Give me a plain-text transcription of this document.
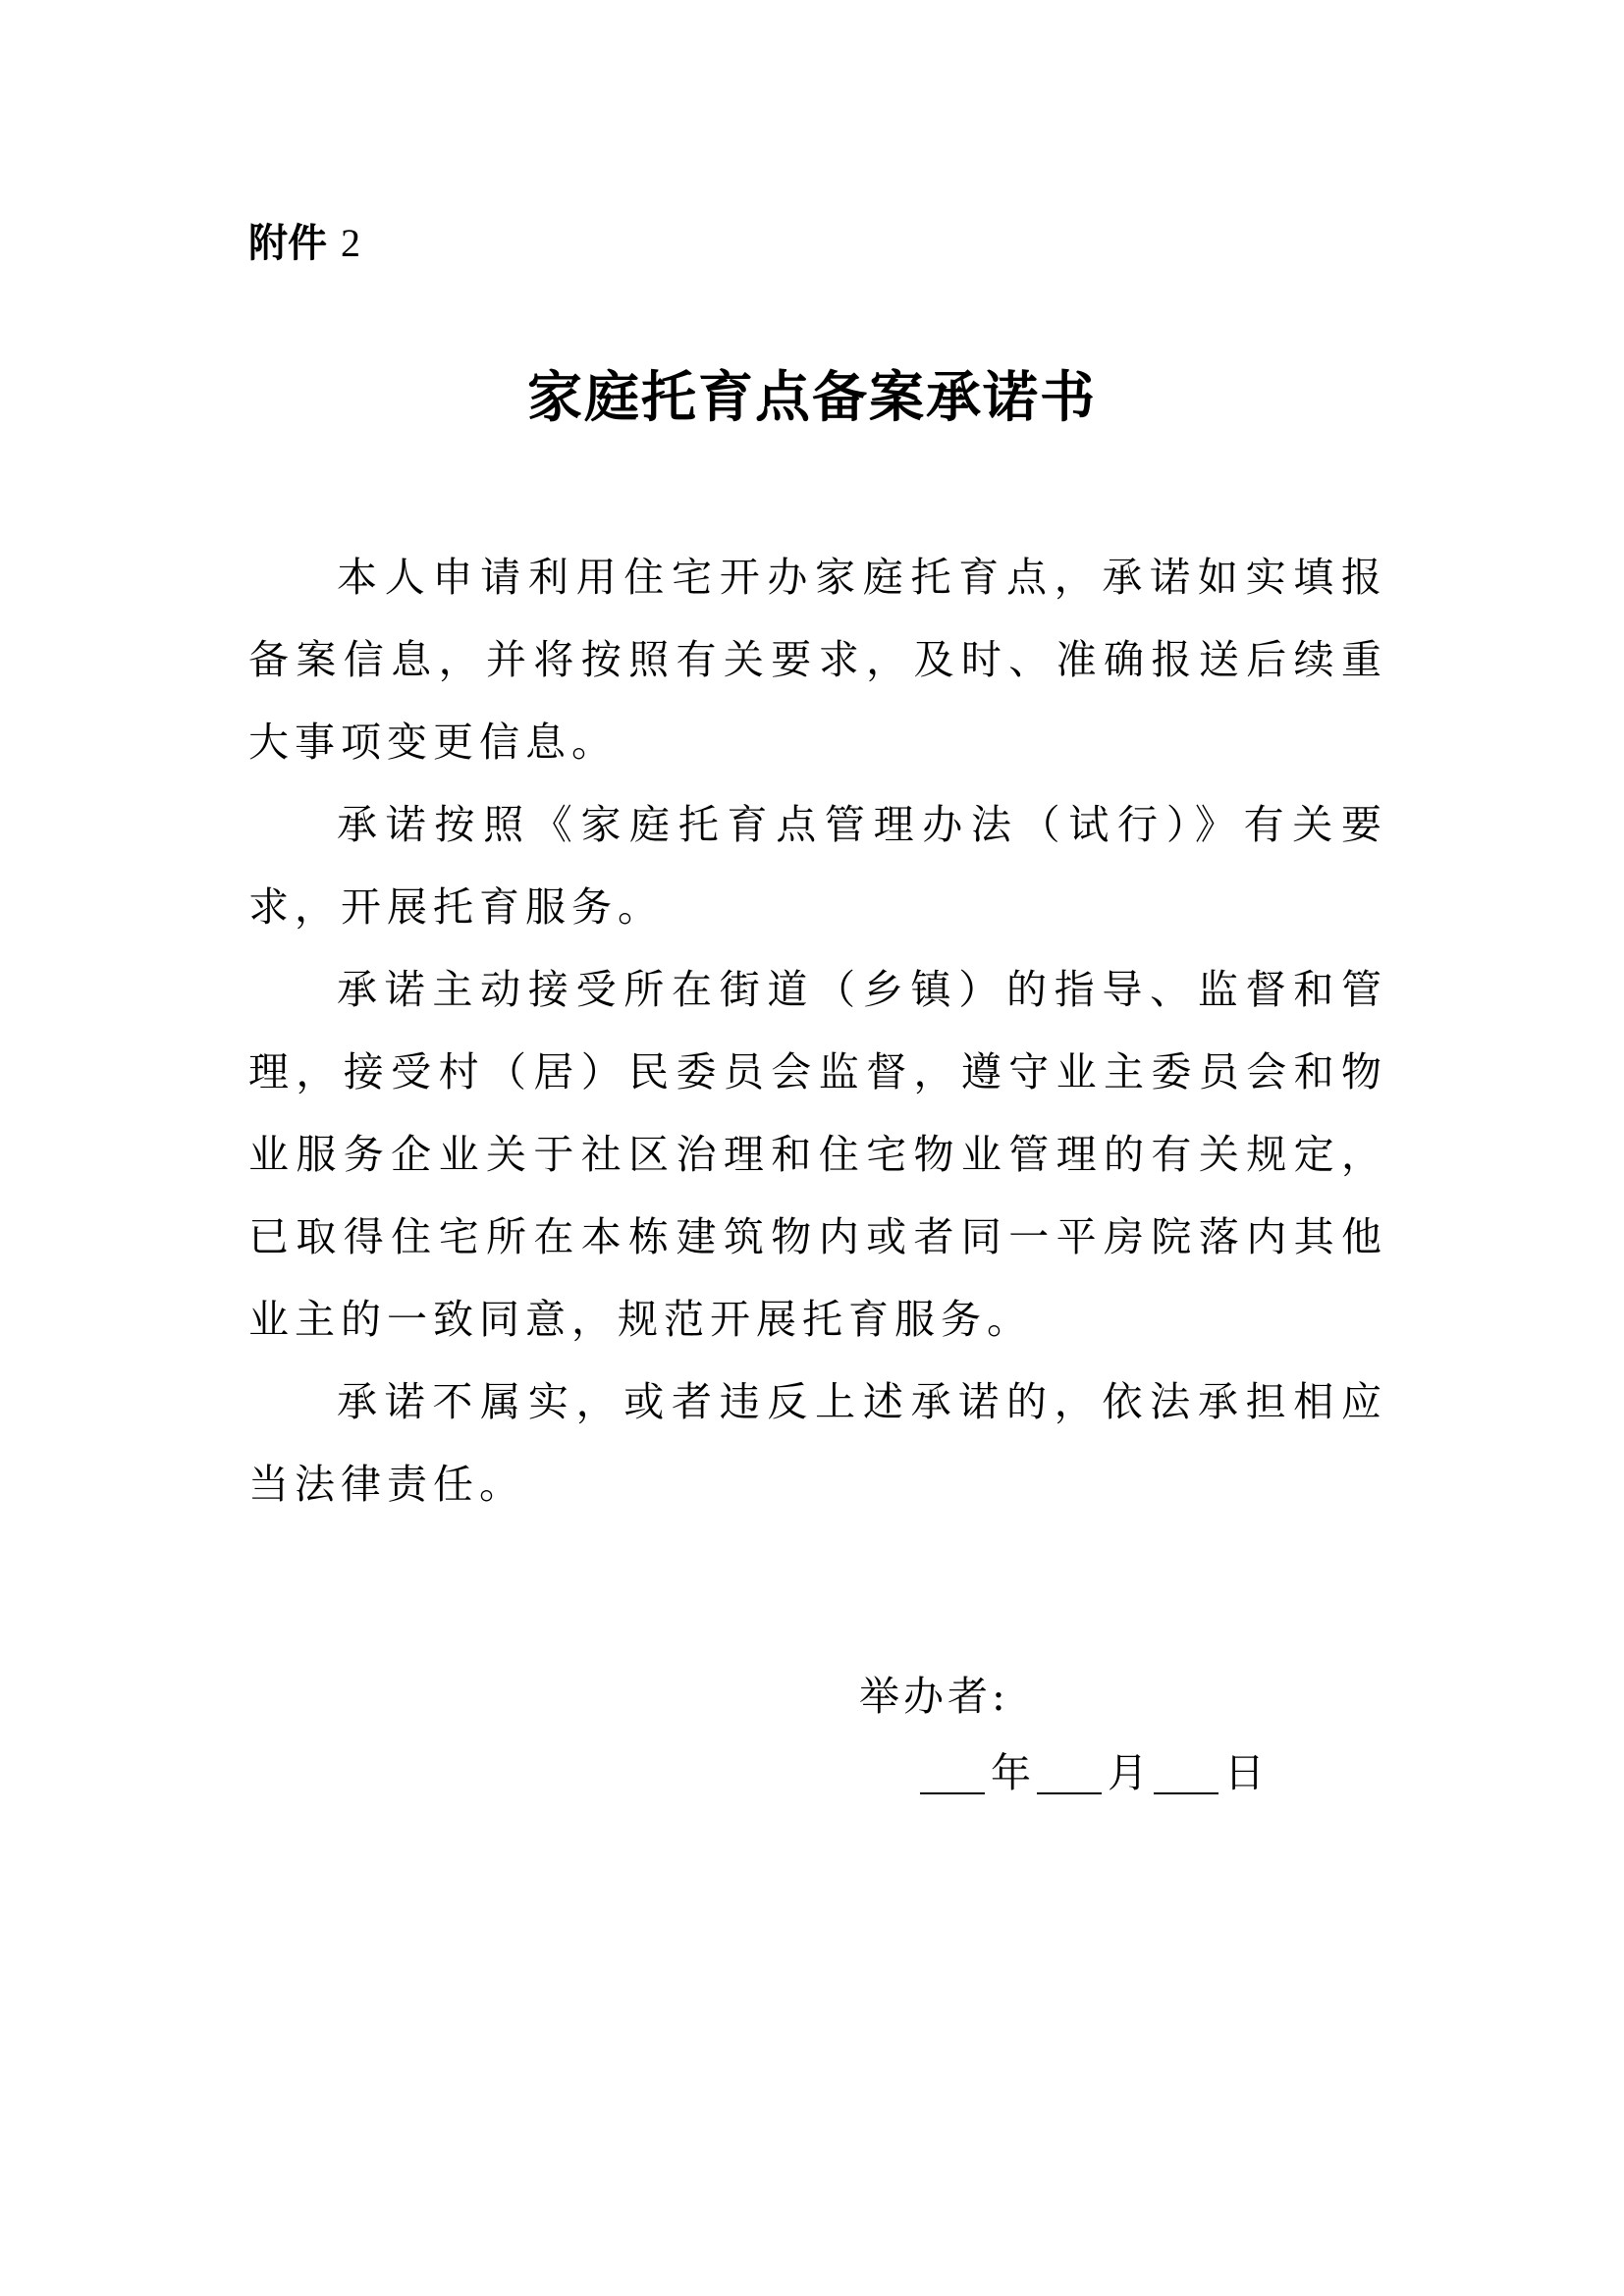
附件 2
家庭托育点备案承诺书

本人申请利用住宅开办家庭托育点，承诺如实填报备案信息，并将按照有关要求，及时、准确报送后续重大事项变更信息。

承诺按照《家庭托育点管理办法（试行）》有关要求，开展托育服务。

承诺主动接受所在街道（乡镇）的指导、监督和管理，接受村（居）民委员会监督，遵守业主委员会和物业服务企业关于社区治理和住宅物业管理的有关规定，已取得住宅所在本栋建筑物内或者同一平房院落内其他业主的一致同意，规范开展托育服务。

承诺不属实，或者违反上述承诺的，依法承担相应当法律责任。

举办者:
年 月 日
